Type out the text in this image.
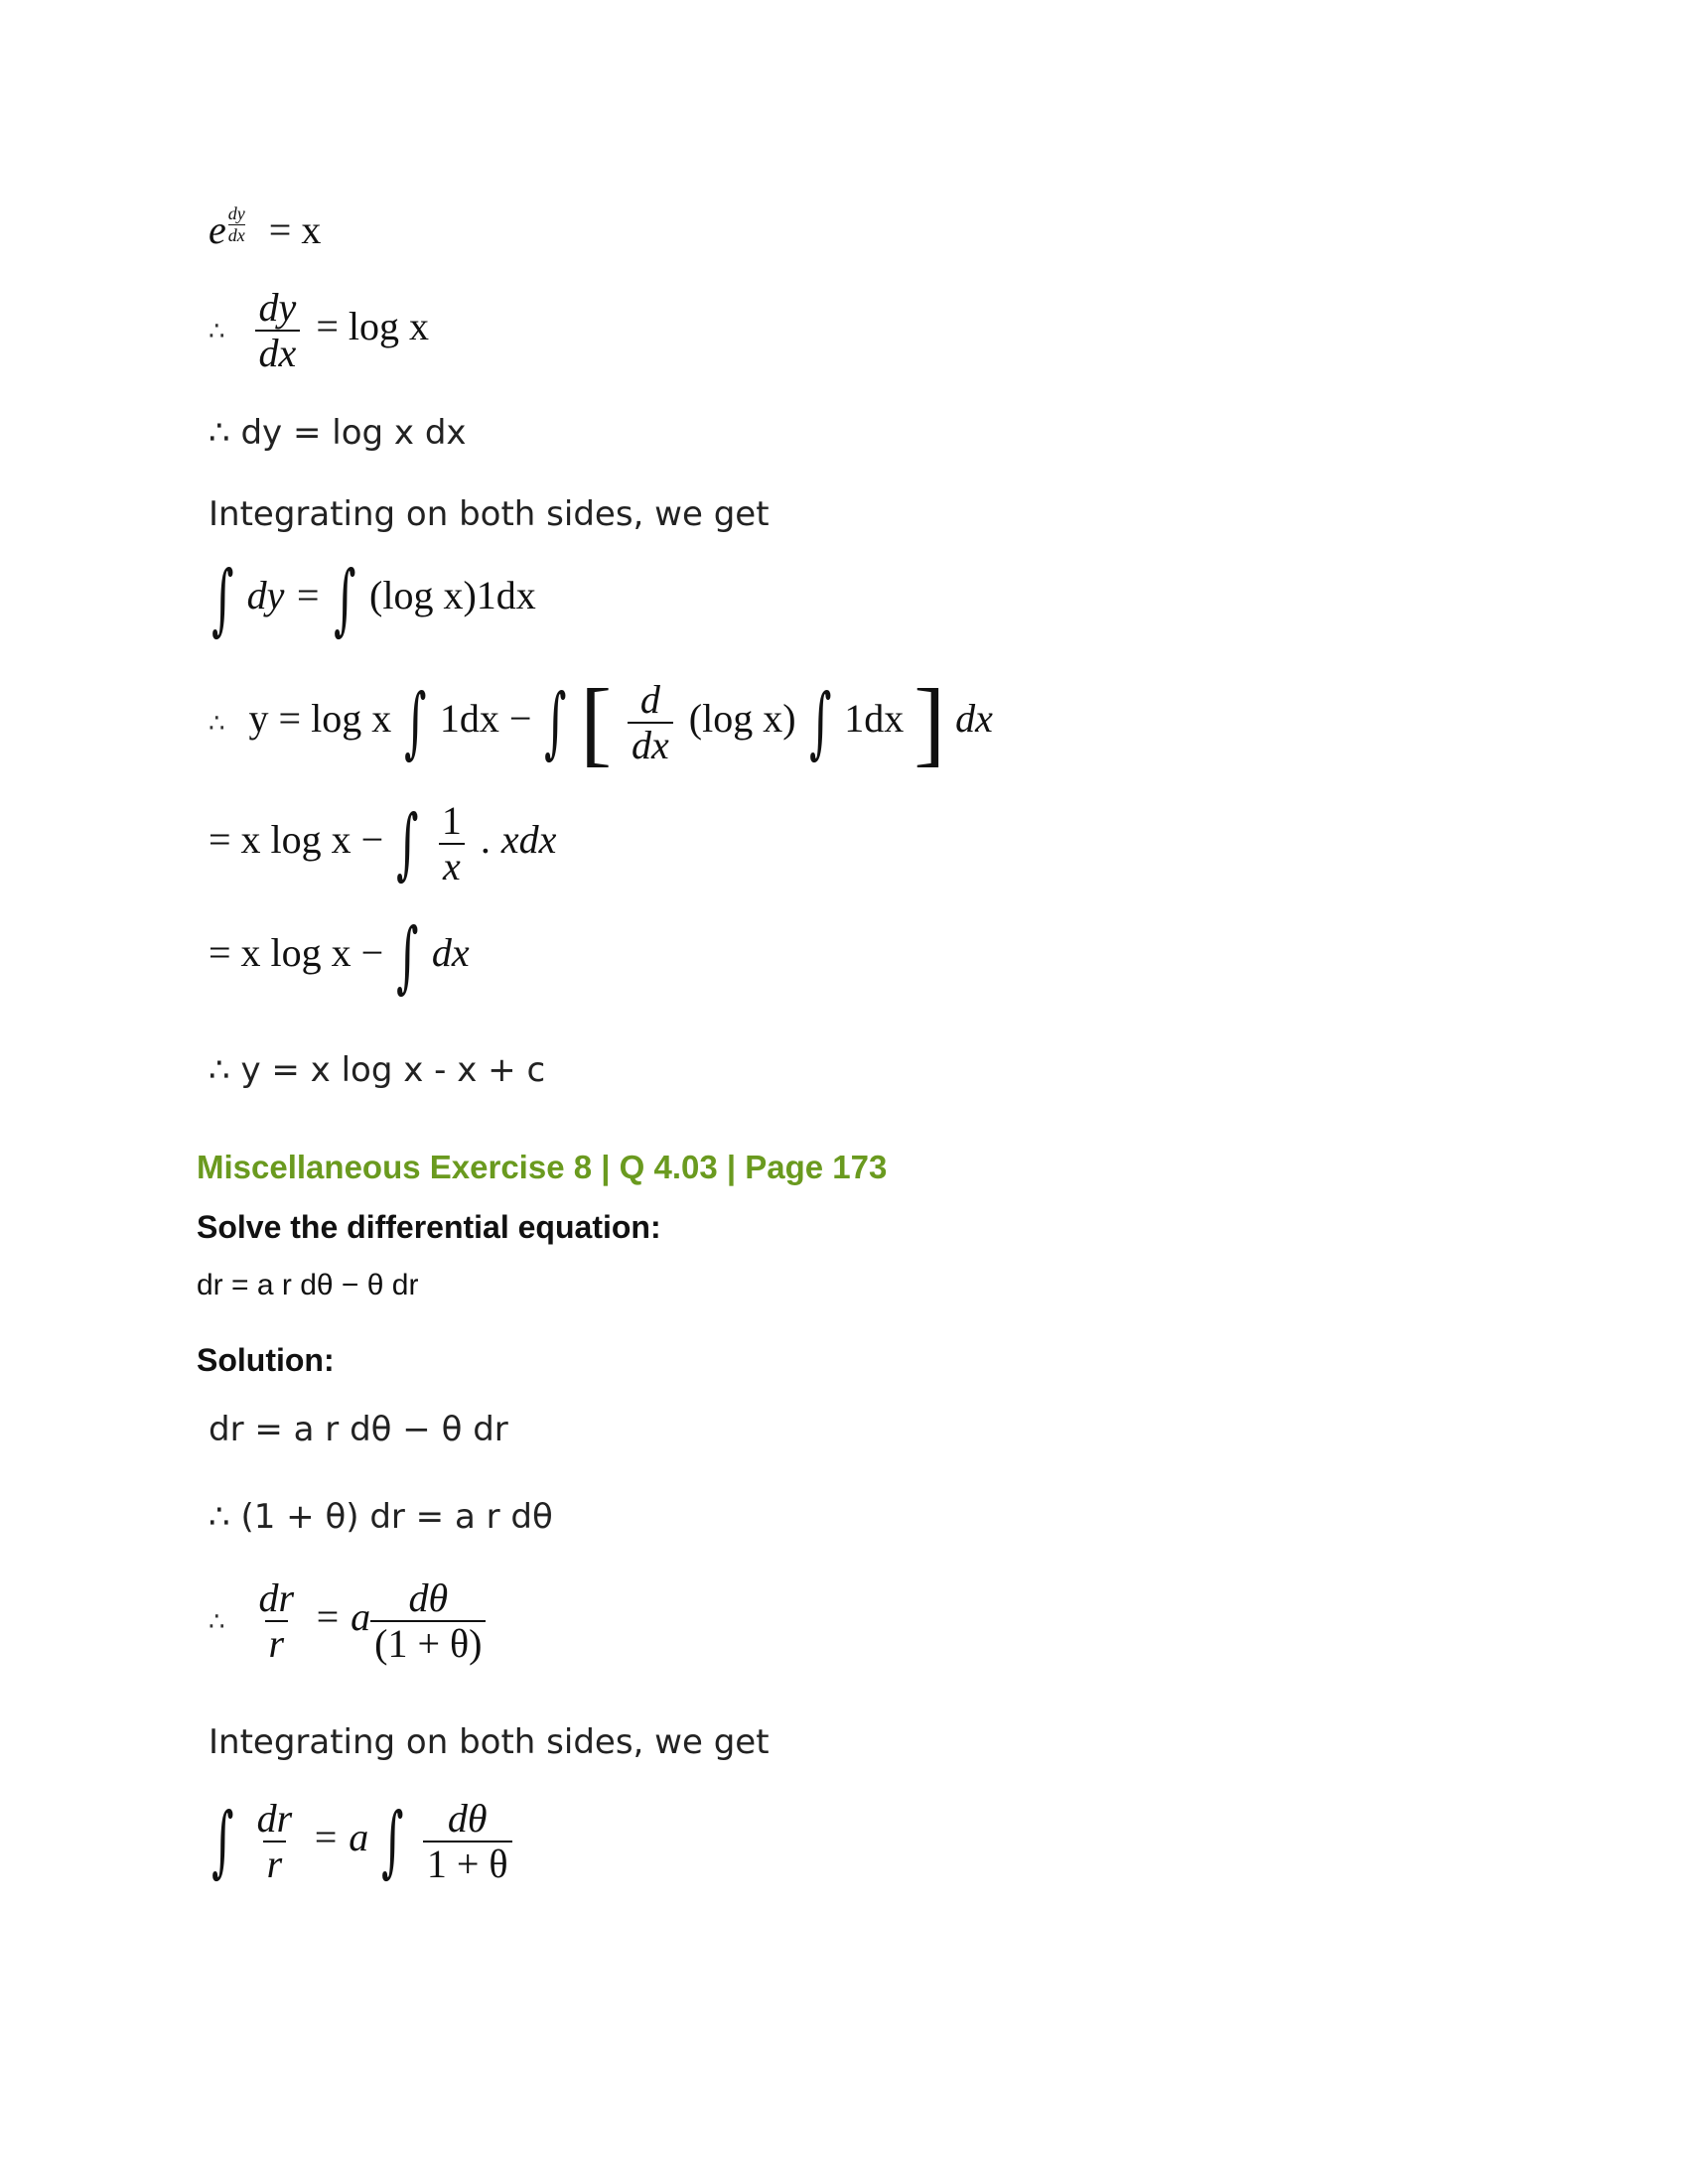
e $\frac{dy}{dx} = x$
∴ $\frac{dy}{dx} = \log x$
∴ dy = log x dx
Integrating on both sides, we get
∫ dy = ∫ (log x)1dx
∴ y = log x ∫ 1dx − ∫ [ $\frac{d}{dx} (\log$ x) ∫ 1dx ] dx
= x log x − ∫ $\frac{1}{x}$ . xdx
= x log x − ∫ dx
∴ y = x log x - x + c
Miscellaneous Exercise 8 | Q 4.03 | Page 173
Solve the differential equation:
dr = a r dθ − θ dr
Solution:
dr = a r dθ − θ dr
∴ (1 + θ) dr = a r dθ
∴ $\frac{dr}{r} = a \frac{d\theta}{(1 + \theta)}$
Integrating on both sides, we get
∫ $\frac{dr}{r} = a$ ∫ $\frac{d\theta}{1 + \theta}$
